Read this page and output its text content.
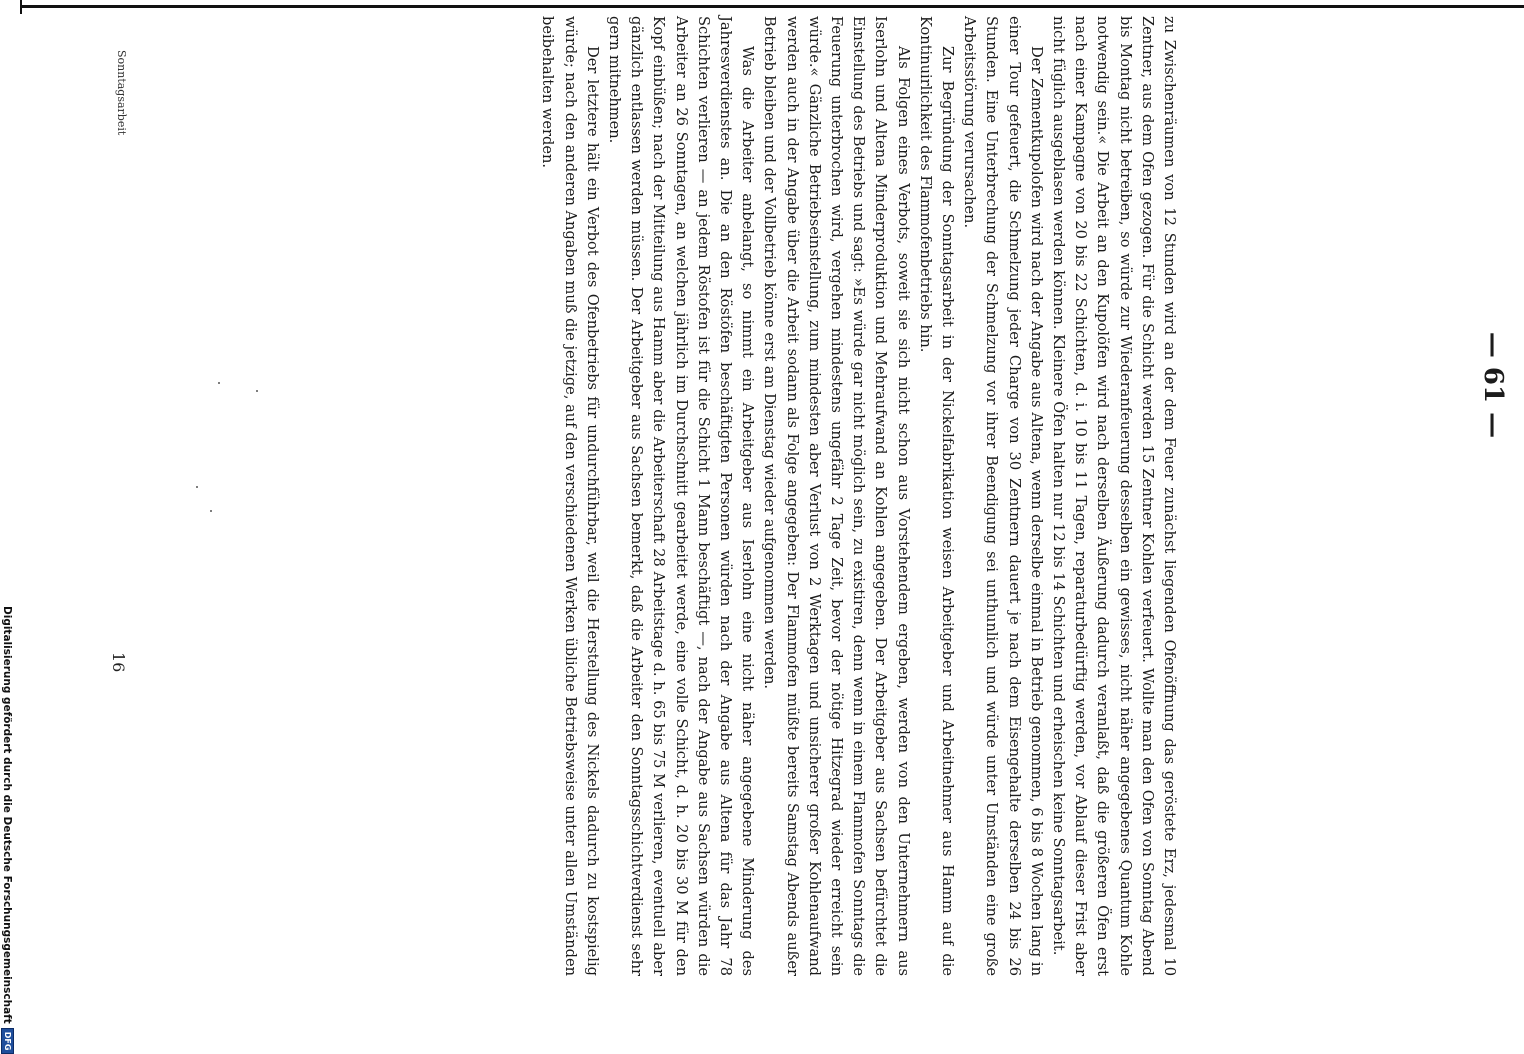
— 61 —

zu Zwischenräumen von 12 Stunden wird an der dem Feuer zunächst liegenden Ofenöffnung das geröstete Erz, jedesmal 10 Zentner, aus dem Ofen gezogen. Für die Schicht werden 15 Zentner Kohlen verfeuert. Wollte man den Ofen von Sonntag Abend bis Montag nicht betreiben, so würde zur Wiederanfeuerung desselben ein gewisses, nicht näher angegebenes Quantum Kohle notwendig sein.« Die Arbeit an den Kupolöfen wird nach derselben Äußerung dadurch veranlaßt, daß die größeren Öfen erst nach einer Kampagne von 20 bis 22 Schichten, d. i. 10 bis 11 Tagen, reparaturbedürftig werden, vor Ablauf dieser Frist aber nicht füglich ausgeblasen werden können. Kleinere Öfen halten nur 12 bis 14 Schichten und erheischen keine Sonntagsarbeit.

Der Zementkupolofen wird nach der Angabe aus Altena, wenn derselbe einmal in Betrieb genommen, 6 bis 8 Wochen lang in einer Tour gefeuert, die Schmelzung jeder Charge von 30 Zentnern dauert je nach dem Eisengehalte derselben 24 bis 26 Stunden. Eine Unterbrechung der Schmelzung vor ihrer Beendigung sei unthunlich und würde unter Umständen eine große Arbeitsstörung verursachen.

Zur Begründung der Sonntagsarbeit in der Nickelfabrikation weisen Arbeitgeber und Arbeitnehmer aus Hamm auf die Kontinuirlichkeit des Flammofenbetriebs hin.

Als Folgen eines Verbots, soweit sie sich nicht schon aus Vorstehendem ergeben, werden von den Unternehmern aus Iserlohn und Altena Minderproduktion und Mehraufwand an Kohlen angegeben. Der Arbeitgeber aus Sachsen befürchtet die Einstellung des Betriebs und sagt: »Es würde gar nicht möglich sein, zu existiren, denn wenn in einem Flammofen Sonntags die Feuerung unterbrochen wird, vergehen mindestens ungefähr 2 Tage Zeit, bevor der nötige Hitzegrad wieder erreicht sein würde.« Gänzliche Betriebseinstellung, zum mindesten aber Verlust von 2 Werktagen und unsicherer großer Kohlenaufwand werden auch in der Angabe über die Arbeit sodann als Folge angegeben: Der Flammofen müßte bereits Samstag Abends außer Betrieb bleiben und der Vollbetrieb könne erst am Dienstag wieder aufgenommen werden.

Was die Arbeiter anbelangt, so nimmt ein Arbeitgeber aus Iserlohn eine nicht näher angegebene Minderung des Jahresverdienstes an. Die an den Röstöfen beschäftigten Personen würden nach der Angabe aus Altena für das Jahr 78 Schichten verlieren — an jedem Röstofen ist für die Schicht 1 Mann beschäftigt —, nach der Angabe aus Sachsen würden die Arbeiter an 26 Sonntagen, an welchen jährlich im Durchschnitt gearbeitet werde, eine volle Schicht, d. h. 20 bis 30 M für den Kopf einbüßen; nach der Mitteilung aus Hamm aber die Arbeiterschaft 28 Arbeitstage d. h. 65 bis 75 M verlieren, eventuell aber gänzlich entlassen werden müssen. Der Arbeitgeber aus Sachsen bemerkt, daß die Arbeiter den Sonntagsschichtverdienst sehr gern mitnehmen.

Der letztere hält ein Verbot des Ofenbetriebs für undurchführbar, weil die Herstellung des Nickels dadurch zu kostspielig würde; nach den anderen Angaben muß die jetzige, auf den verschiedenen Werken übliche Betriebsweise unter allen Umständen beibehalten werden.

Sonntagsarbeit
16
Digitalisierung gefördert durch die Deutsche Forschungsgemeinschaft
DFG
